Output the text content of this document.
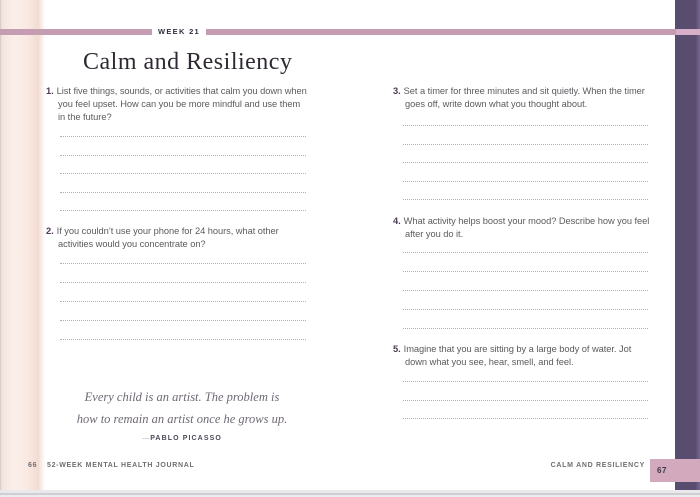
WEEK 21
Calm and Resiliency
1. List five things, sounds, or activities that calm you down when you feel upset. How can you be more mindful and use them in the future?
2. If you couldn’t use your phone for 24 hours, what other activities would you concentrate on?
3. Set a timer for three minutes and sit quietly. When the timer goes off, write down what you thought about.
4. What activity helps boost your mood? Describe how you feel after you do it.
5. Imagine that you are sitting by a large body of water. Jot down what you see, hear, smell, and feel.
Every child is an artist. The problem is
how to remain an artist once he grows up.
—PABLO PICASSO
66 52-WEEK MENTAL HEALTH JOURNAL	CALM AND RESILIENCY
67
